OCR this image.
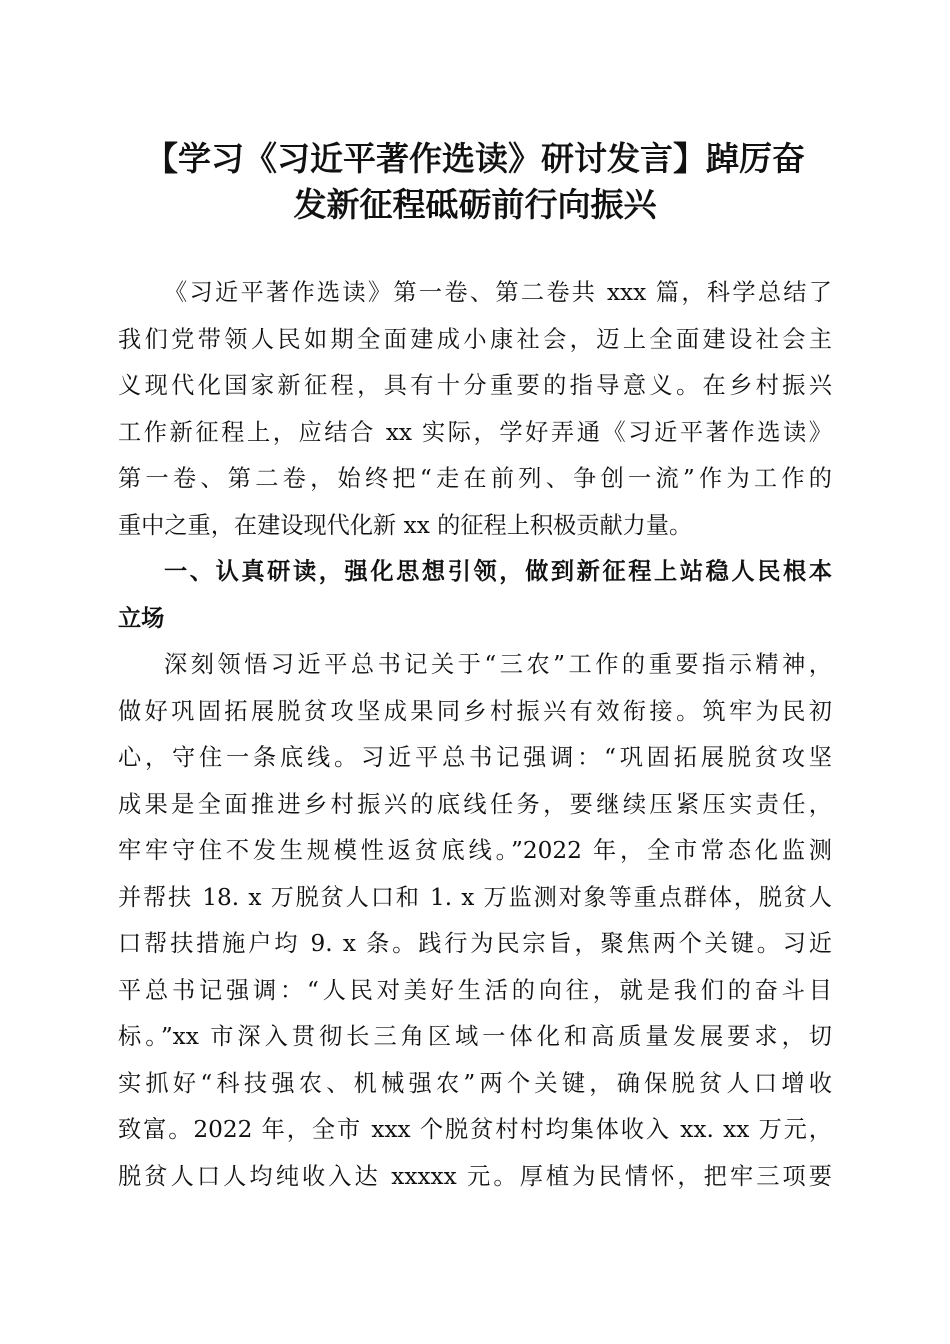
【学习《习近平著作选读》研讨发言】踔厉奋
发新征程砥砺前行向振兴
《习近平著作选读》第一卷、第二卷共 xxx 篇，科学总结了
我们党带领人民如期全面建成小康社会，迈上全面建设社会主
义现代化国家新征程，具有十分重要的指导意义。在乡村振兴
工作新征程上，应结合 xx 实际，学好弄通《习近平著作选读》
第一卷、第二卷，始终把“走在前列、争创一流”作为工作的
重中之重，在建设现代化新 xx 的征程上积极贡献力量。
一、认真研读，强化思想引领，做到新征程上站稳人民根本
立场
深刻领悟习近平总书记关于“三农”工作的重要指示精神，
做好巩固拓展脱贫攻坚成果同乡村振兴有效衔接。筑牢为民初
心，守住一条底线。习近平总书记强调：“巩固拓展脱贫攻坚
成果是全面推进乡村振兴的底线任务，要继续压紧压实责任，
牢牢守住不发生规模性返贫底线。”2022 年，全市常态化监测
并帮扶 18. x 万脱贫人口和 1. x 万监测对象等重点群体，脱贫人
口帮扶措施户均 9. x 条。践行为民宗旨，聚焦两个关键。习近
平总书记强调：“人民对美好生活的向往，就是我们的奋斗目
标。”xx 市深入贯彻长三角区域一体化和高质量发展要求，切
实抓好“科技强农、机械强农”两个关键，确保脱贫人口增收
致富。2022 年，全市 xxx 个脱贫村村均集体收入 xx. xx 万元，
脱贫人口人均纯收入达 xxxxx 元。厚植为民情怀，把牢三项要
